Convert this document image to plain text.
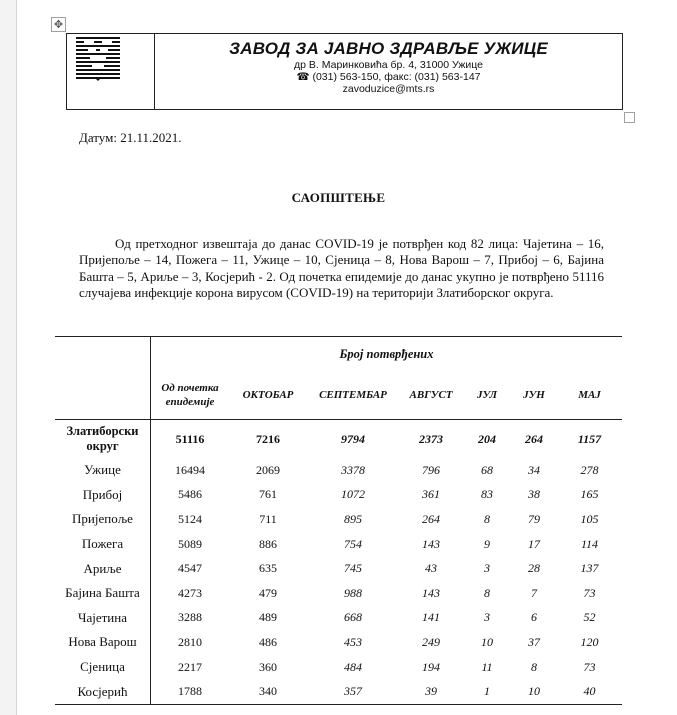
✥
ЗАВОД ЗА ЈАВНО ЗДРАВЉЕ УЖИЦЕ
др В. Маринковића бр. 4, 31000 Ужице
☎ (031) 563-150, факс: (031) 563-147
zavoduzice@mts.rs
Датум: 21.11.2021.
САОПШТЕЊЕ
Од претходног извештаја до данас COVID-19 је потврђен код 82 лица: Чајетина – 16, Пријепоље – 14, Пожега – 11, Ужице – 10, Сјеница – 8, Нова Варош – 7, Прибој – 6, Бајина Башта – 5, Ариље – 3, Косјерић - 2. Од почетка епидемије до данас укупно је потврђено 51116 случајева инфекције корона вирусом (COVID-19) на територији Златиборског округа.
	Број потврђених						
	Од почетка епидемије	ОКТОБАР	СЕПТЕМБАР	АВГУСТ	ЈУЛ	ЈУН	МАЈ
Златиборски округ	51116	7216	9794	2373	204	264	1157
Ужице	16494	2069	3378	796	68	34	278
Прибој	5486	761	1072	361	83	38	165
Пријепоље	5124	711	895	264	8	79	105
Пожега	5089	886	754	143	9	17	114
Ариље	4547	635	745	43	3	28	137
Бајина Башта	4273	479	988	143	8	7	73
Чајетина	3288	489	668	141	3	6	52
Нова Варош	2810	486	453	249	10	37	120
Сјеница	2217	360	484	194	11	8	73
Косјерић	1788	340	357	39	1	10	40
